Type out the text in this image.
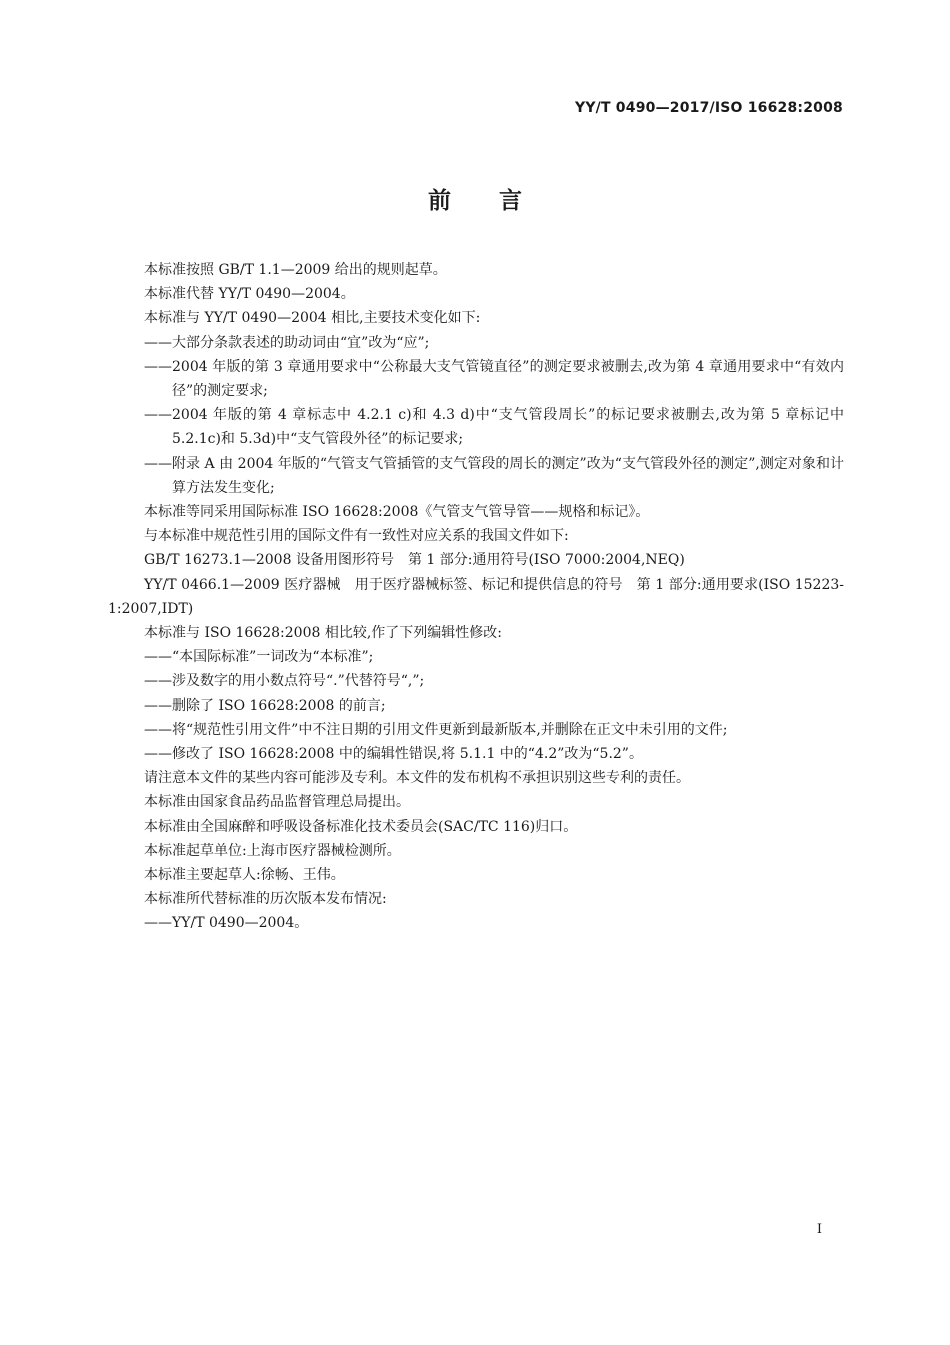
YY/T 0490—2017/ISO 16628:2008
前言

本标准按照 GB/T 1.1—2009 给出的规则起草。

本标准代替 YY/T 0490—2004。

本标准与 YY/T 0490—2004 相比,主要技术变化如下:

——大部分条款表述的助动词由“宜”改为“应”;

——2004 年版的第 3 章通用要求中“公称最大支气管镜直径”的测定要求被删去,改为第 4 章通用要求中“有效内径”的测定要求;

——2004 年版的第 4 章标志中 4.2.1 c)和 4.3 d)中“支气管段周长”的标记要求被删去,改为第 5 章标记中 5.2.1c)和 5.3d)中“支气管段外径”的标记要求;

——附录 A 由 2004 年版的“气管支气管插管的支气管段的周长的测定”改为“支气管段外径的测定”,测定对象和计算方法发生变化;

本标准等同采用国际标准 ISO 16628:2008《气管支气管导管——规格和标记》。

与本标准中规范性引用的国际文件有一致性对应关系的我国文件如下:

GB/T 16273.1—2008 设备用图形符号　第 1 部分:通用符号(ISO 7000:2004,NEQ)

YY/T 0466.1—2009 医疗器械　用于医疗器械标签、标记和提供信息的符号　第 1 部分:通用要求(ISO 15223-1:2007,IDT)

本标准与 ISO 16628:2008 相比较,作了下列编辑性修改:

——“本国际标准”一词改为“本标准”;

——涉及数字的用小数点符号“.”代替符号“,”;

——删除了 ISO 16628:2008 的前言;

——将“规范性引用文件”中不注日期的引用文件更新到最新版本,并删除在正文中未引用的文件;

——修改了 ISO 16628:2008 中的编辑性错误,将 5.1.1 中的“4.2”改为“5.2”。

请注意本文件的某些内容可能涉及专利。本文件的发布机构不承担识别这些专利的责任。

本标准由国家食品药品监督管理总局提出。

本标准由全国麻醉和呼吸设备标准化技术委员会(SAC/TC 116)归口。

本标准起草单位:上海市医疗器械检测所。

本标准主要起草人:徐畅、王伟。

本标准所代替标准的历次版本发布情况:

——YY/T 0490—2004。

I
